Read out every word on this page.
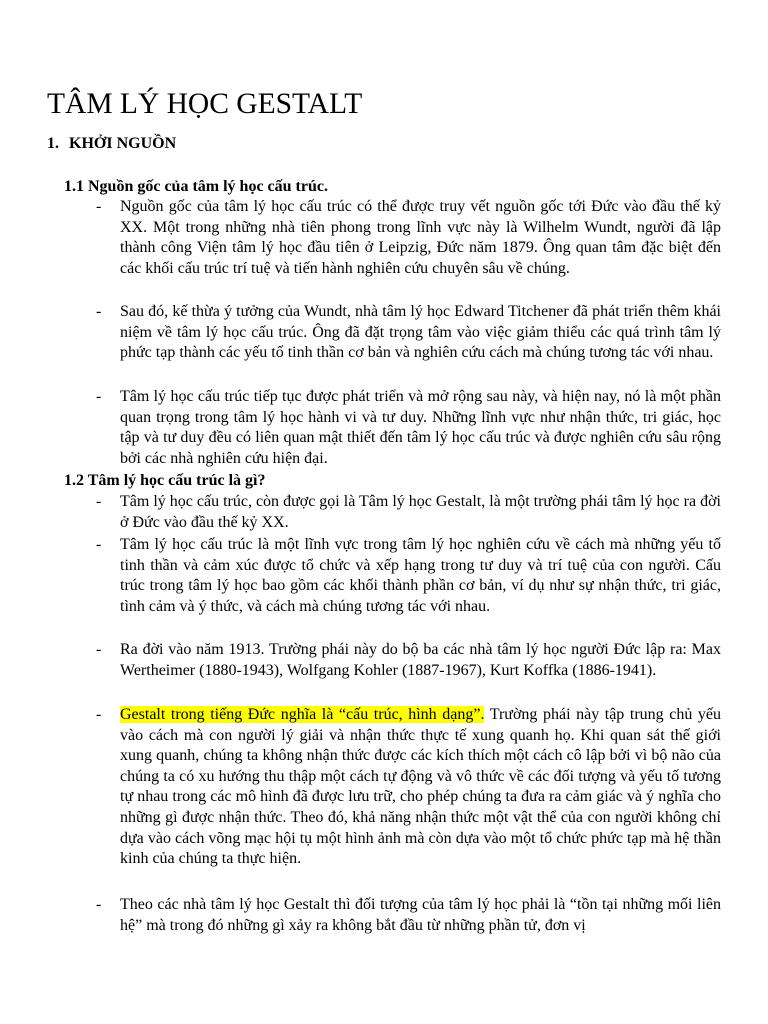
TÂM LÝ HỌC GESTALT
1. KHỞI NGUỒN
1.1 Nguồn gốc của tâm lý học cấu trúc.
- Nguồn gốc của tâm lý học cấu trúc có thể được truy vết nguồn gốc tới Đức vào đầu thế kỷ XX. Một trong những nhà tiên phong trong lĩnh vực này là Wilhelm Wundt, người đã lập thành công Viện tâm lý học đầu tiên ở Leipzig, Đức năm 1879. Ông quan tâm đặc biệt đến các khối cấu trúc trí tuệ và tiến hành nghiên cứu chuyên sâu về chúng.
- Sau đó, kế thừa ý tưởng của Wundt, nhà tâm lý học Edward Titchener đã phát triển thêm khái niệm về tâm lý học cấu trúc. Ông đã đặt trọng tâm vào việc giảm thiểu các quá trình tâm lý phức tạp thành các yếu tố tinh thần cơ bản và nghiên cứu cách mà chúng tương tác với nhau.
- Tâm lý học cấu trúc tiếp tục được phát triển và mở rộng sau này, và hiện nay, nó là một phần quan trọng trong tâm lý học hành vi và tư duy. Những lĩnh vực như nhận thức, tri giác, học tập và tư duy đều có liên quan mật thiết đến tâm lý học cấu trúc và được nghiên cứu sâu rộng bởi các nhà nghiên cứu hiện đại.
1.2 Tâm lý học cấu trúc là gì?
- Tâm lý học cấu trúc, còn được gọi là Tâm lý học Gestalt, là một trường phái tâm lý học ra đời ở Đức vào đầu thế kỷ XX.
- Tâm lý học cấu trúc là một lĩnh vực trong tâm lý học nghiên cứu về cách mà những yếu tố tinh thần và cảm xúc được tổ chức và xếp hạng trong tư duy và trí tuệ của con người. Cấu trúc trong tâm lý học bao gồm các khối thành phần cơ bản, ví dụ như sự nhận thức, tri giác, tình cảm và ý thức, và cách mà chúng tương tác với nhau.
- Ra đời vào năm 1913. Trường phái này do bộ ba các nhà tâm lý học người Đức lập ra: Max Wertheimer (1880-1943), Wolfgang Kohler (1887-1967), Kurt Koffka (1886-1941).
- Gestalt trong tiếng Đức nghĩa là “cấu trúc, hình dạng”. Trường phái này tập trung chủ yếu vào cách mà con người lý giải và nhận thức thực tế xung quanh họ. Khi quan sát thế giới xung quanh, chúng ta không nhận thức được các kích thích một cách cô lập bởi vì bộ não của chúng ta có xu hướng thu thập một cách tự động và vô thức về các đối tượng và yếu tố tương tự nhau trong các mô hình đã được lưu trữ, cho phép chúng ta đưa ra cảm giác và ý nghĩa cho những gì được nhận thức. Theo đó, khả năng nhận thức một vật thể của con người không chỉ dựa vào cách võng mạc hội tụ một hình ảnh mà còn dựa vào một tổ chức phức tạp mà hệ thần kinh của chúng ta thực hiện.
- Theo các nhà tâm lý học Gestalt thì đối tượng của tâm lý học phải là “tồn tại những mối liên hệ” mà trong đó những gì xảy ra không bắt đầu từ những phần tử, đơn vị
